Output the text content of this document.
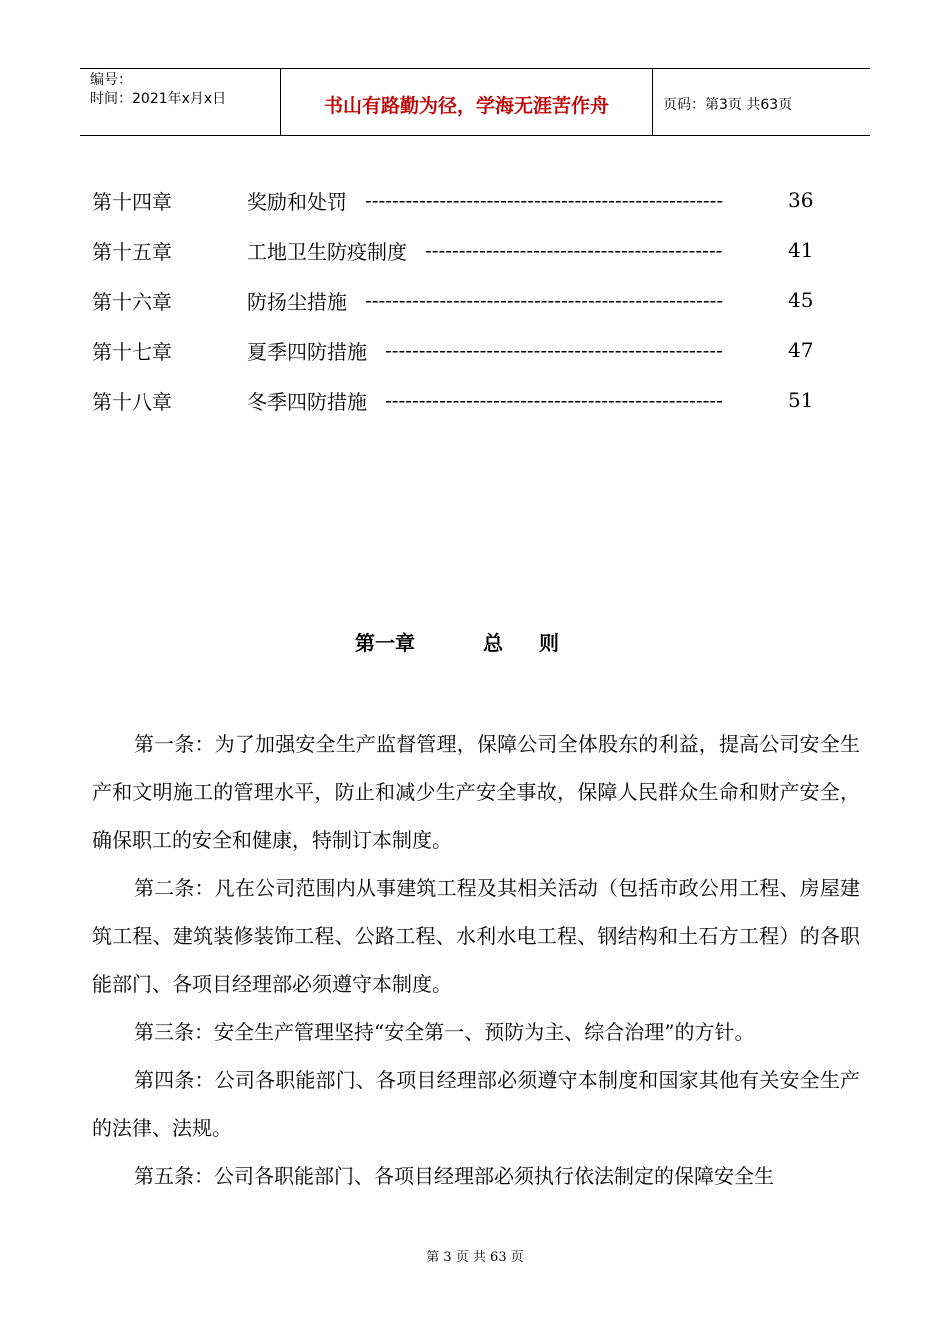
编号：
时间：2021年x月x日	书山有路勤为径，学海无涯苦作舟	页码：第3页 共63页
第十四章	奖励和处罚 -----------------------------------------------------	36
第十五章	工地卫生防疫制度 --------------------------------------------	41
第十六章	防扬尘措施 -----------------------------------------------------	45
第十七章	夏季四防措施 --------------------------------------------------	47
第十八章	冬季四防措施 --------------------------------------------------	51
第一章	总则

第一条：为了加强安全生产监督管理，保障公司全体股东的利益，提高公司安全生产和文明施工的管理水平，防止和减少生产安全事故，保障人民群众生命和财产安全，确保职工的安全和健康，特制订本制度。

第二条：凡在公司范围内从事建筑工程及其相关活动（包括市政公用工程、房屋建筑工程、建筑装修装饰工程、公路工程、水利水电工程、钢结构和土石方工程）的各职能部门、各项目经理部必须遵守本制度。

第三条：安全生产管理坚持“安全第一、预防为主、综合治理”的方针。

第四条：公司各职能部门、各项目经理部必须遵守本制度和国家其他有关安全生产的法律、法规。

第五条：公司各职能部门、各项目经理部必须执行依法制定的保障安全生

第 3 页 共 63 页
